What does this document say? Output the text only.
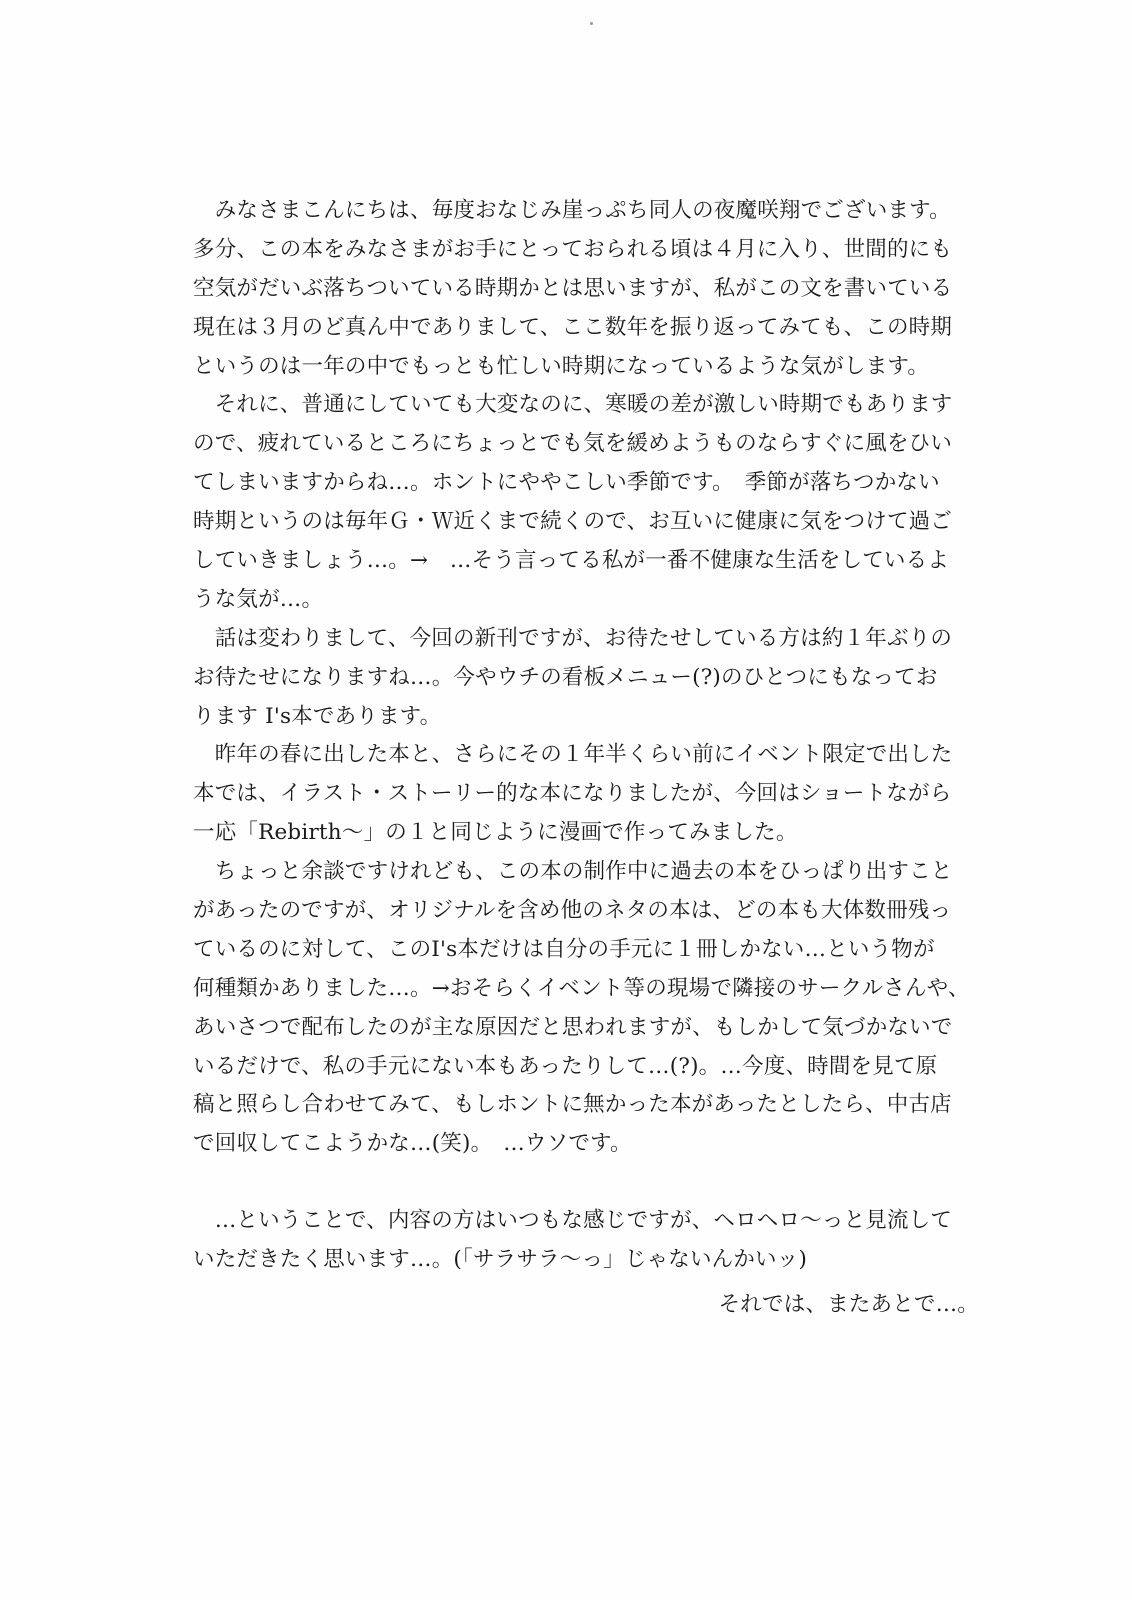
　みなさまこんにちは、毎度おなじみ崖っぷち同人の夜魔咲翔でございます。
多分、この本をみなさまがお手にとっておられる頃は４月に入り、世間的にも
空気がだいぶ落ちついている時期かとは思いますが、私がこの文を書いている
現在は３月のど真ん中でありまして、ここ数年を振り返ってみても、この時期
というのは一年の中でもっとも忙しい時期になっているような気がします。
　それに、普通にしていても大変なのに、寒暖の差が激しい時期でもあります
ので、疲れているところにちょっとでも気を緩めようものならすぐに風をひい
てしまいますからね…。ホントにややこしい季節です。　季節が落ちつかない
時期というのは毎年Ｇ・Ｗ近くまで続くので、お互いに健康に気をつけて過ご
していきましょう…。→　…そう言ってる私が一番不健康な生活をしているよ
うな気が…。
　話は変わりまして、今回の新刊ですが、お待たせしている方は約１年ぶりの
お待たせになりますね…。今やウチの看板メニュー(?)のひとつにもなってお
ります I's本であります。
　昨年の春に出した本と、さらにその１年半くらい前にイベント限定で出した
本では、イラスト・ストーリー的な本になりましたが、今回はショートながら
一応「Rebirth～」の１と同じように漫画で作ってみました。
　ちょっと余談ですけれども、この本の制作中に過去の本をひっぱり出すこと
があったのですが、オリジナルを含め他のネタの本は、どの本も大体数冊残っ
ているのに対して、このI's本だけは自分の手元に１冊しかない…という物が
何種類かありました…。→おそらくイベント等の現場で隣接のサークルさんや、
あいさつで配布したのが主な原因だと思われますが、もしかして気づかないで
いるだけで、私の手元にない本もあったりして…(?)。…今度、時間を見て原
稿と照らし合わせてみて、もしホントに無かった本があったとしたら、中古店
で回収してこようかな…(笑)。　…ウソです。
　…ということで、内容の方はいつもな感じですが、ヘロヘロ～っと見流して
いただきたく思います…。(「サラサラ～っ」じゃないんかいッ)
それでは、またあとで…。
